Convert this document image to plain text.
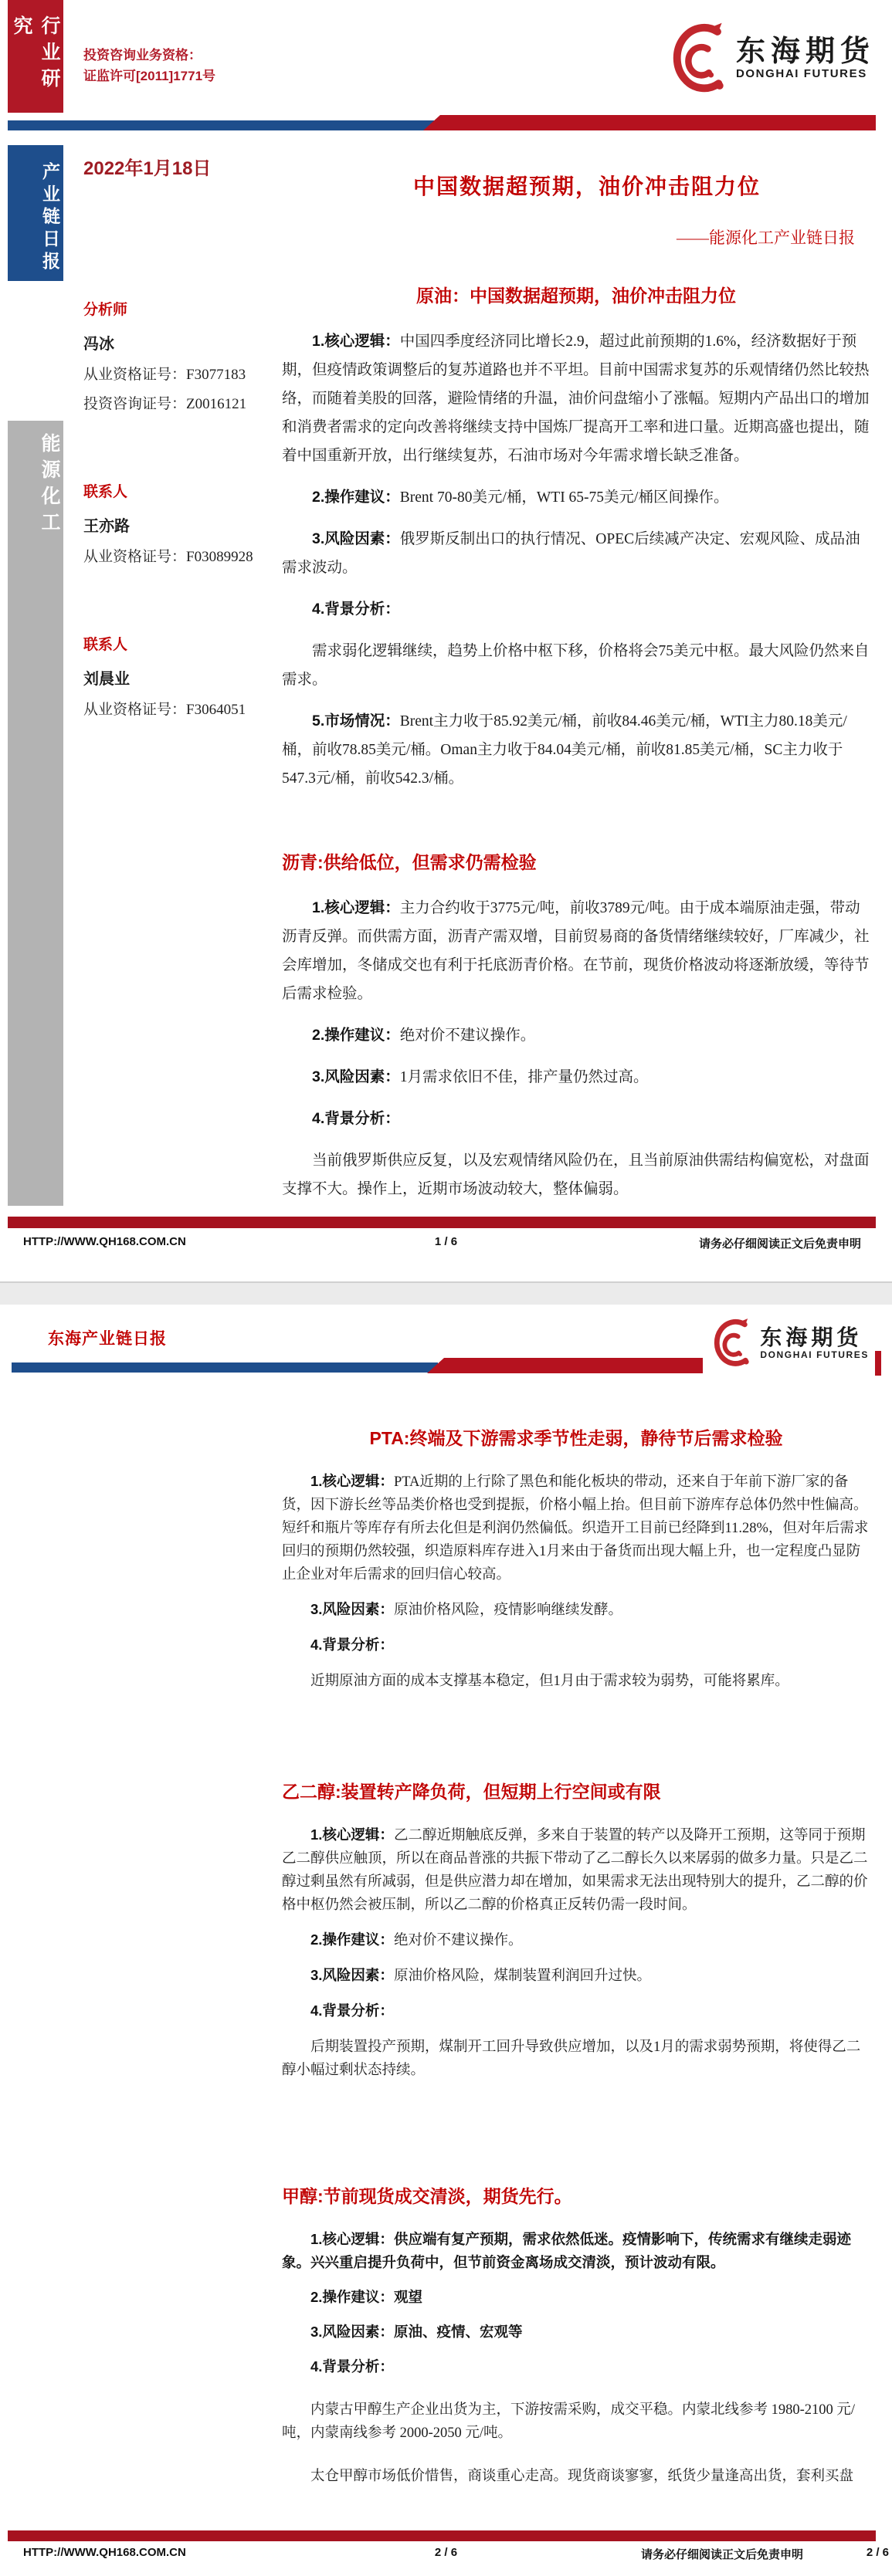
行业研究
投资咨询业务资格：
证监许可[2011]1771号
东海期货
DONGHAI FUTURES
产业链日报 2022年1月18日
中国数据超预期，油价冲击阻力位
——能源化工产业链日报
能源化工
分析师
冯冰
从业资格证号：F3077183
投资咨询证号：Z0016121
联系人
王亦路
从业资格证号：F03089928
联系人
刘晨业
从业资格证号：F3064051
原油：中国数据超预期，油价冲击阻力位

1.核心逻辑：中国四季度经济同比增长2.9，超过此前预期的1.6%，经济数据好于预期，但疫情政策调整后的复苏道路也并不平坦。目前中国需求复苏的乐观情绪仍然比较热络，而随着美股的回落，避险情绪的升温，油价问盘缩小了涨幅。短期内产品出口的增加和消费者需求的定向改善将继续支持中国炼厂提高开工率和进口量。近期高盛也提出，随着中国重新开放，出行继续复苏，石油市场对今年需求增长缺乏准备。

2.操作建议：Brent 70-80美元/桶，WTI 65-75美元/桶区间操作。

3.风险因素：俄罗斯反制出口的执行情况、OPEC后续减产决定、宏观风险、成品油需求波动。

4.背景分析：

需求弱化逻辑继续，趋势上价格中枢下移，价格将会75美元中枢。最大风险仍然来自需求。

5.市场情况：Brent主力收于85.92美元/桶，前收84.46美元/桶，WTI主力80.18美元/桶，前收78.85美元/桶。Oman主力收于84.04美元/桶，前收81.85美元/桶，SC主力收于547.3元/桶，前收542.3/桶。

沥青:供给低位，但需求仍需检验

1.核心逻辑：主力合约收于3775元/吨，前收3789元/吨。由于成本端原油走强，带动沥青反弹。而供需方面，沥青产需双增，目前贸易商的备货情绪继续较好，厂库减少，社会库增加，冬储成交也有利于托底沥青价格。在节前，现货价格波动将逐渐放缓，等待节后需求检验。

2.操作建议：绝对价不建议操作。

3.风险因素：1月需求依旧不佳，排产量仍然过高。

4.背景分析：

当前俄罗斯供应反复，以及宏观情绪风险仍在，且当前原油供需结构偏宽松，对盘面支撑不大。操作上，近期市场波动较大，整体偏弱。

HTTP://WWW.QH168.COM.CN	1 / 6	请务必仔细阅读正文后免责申明
东海产业链日报	东海期货
DONGHAI FUTURES
PTA:终端及下游需求季节性走弱，静待节后需求检验

1.核心逻辑：PTA近期的上行除了黑色和能化板块的带动，还来自于年前下游厂家的备货，因下游长丝等品类价格也受到提振，价格小幅上抬。但目前下游库存总体仍然中性偏高。短纤和瓶片等库存有所去化但是利润仍然偏低。织造开工目前已经降到11.28%，但对年后需求回归的预期仍然较强，织造原料库存进入1月来由于备货而出现大幅上升，也一定程度凸显防止企业对年后需求的回归信心较高。

3.风险因素：原油价格风险，疫情影响继续发酵。

4.背景分析：

近期原油方面的成本支撑基本稳定，但1月由于需求较为弱势，可能将累库。

乙二醇:装置转产降负荷，但短期上行空间或有限

1.核心逻辑：乙二醇近期触底反弹，多来自于装置的转产以及降开工预期，这等同于预期乙二醇供应触顶，所以在商品普涨的共振下带动了乙二醇长久以来孱弱的做多力量。只是乙二醇过剩虽然有所减弱，但是供应潜力却在增加，如果需求无法出现特别大的提升，乙二醇的价格中枢仍然会被压制，所以乙二醇的价格真正反转仍需一段时间。

2.操作建议：绝对价不建议操作。

3.风险因素：原油价格风险，煤制装置利润回升过快。

4.背景分析：

后期装置投产预期，煤制开工回升导致供应增加，以及1月的需求弱势预期，将使得乙二醇小幅过剩状态持续。

甲醇:节前现货成交清淡，期货先行。

1.核心逻辑：供应端有复产预期，需求依然低迷。疫情影响下，传统需求有继续走弱迹象。兴兴重启提升负荷中，但节前资金离场成交清淡，预计波动有限。

2.操作建议：观望

3.风险因素：原油、疫情、宏观等

4.背景分析：

内蒙古甲醇生产企业出货为主，下游按需采购，成交平稳。内蒙北线参考 1980-2100 元/吨，内蒙南线参考 2000-2050 元/吨。

太仓甲醇市场低价惜售，商谈重心走高。现货商谈寥寥，纸货少量逢高出货，套利买盘

HTTP://WWW.QH168.COM.CN	2 / 6	请务必仔细阅读正文后免责申明	2 / 6
